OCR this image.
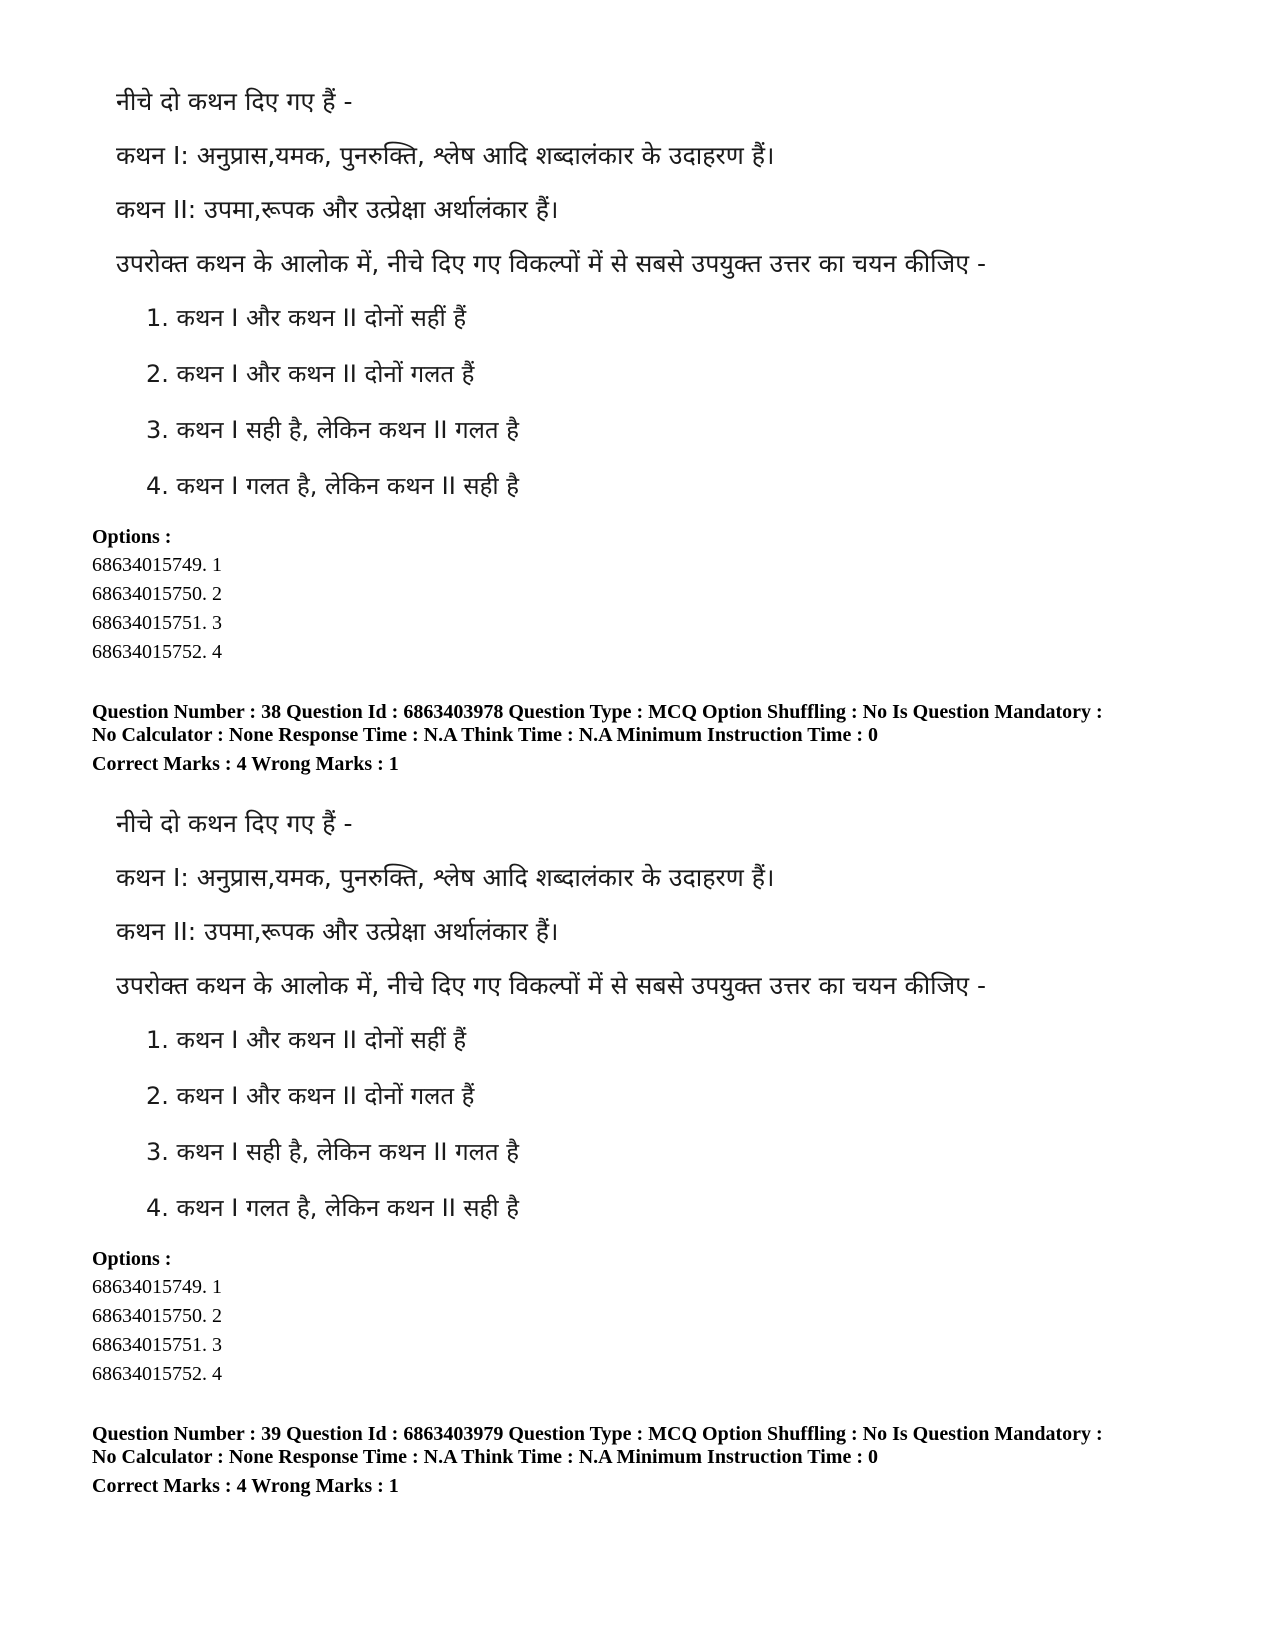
नीचे दो कथन दिए गए हैं -
कथन I: अनुप्रास,यमक, पुनरुक्ति, श्लेष आदि शब्दालंकार के उदाहरण हैं।
कथन II: उपमा,रूपक और उत्प्रेक्षा अर्थालंकार हैं।
उपरोक्त कथन के आलोक में, नीचे दिए गए विकल्पों में से सबसे उपयुक्त उत्तर का चयन कीजिए -
1. कथन I और कथन II दोनों सहीं हैं
2. कथन I और कथन II दोनों गलत हैं
3. कथन I सही है, लेकिन कथन II गलत है
4. कथन I गलत है, लेकिन कथन II सही है
Options :
68634015749. 1
68634015750. 2
68634015751. 3
68634015752. 4
Question Number : 38 Question Id : 6863403978 Question Type : MCQ Option Shuffling : No Is Question Mandatory :
No Calculator : None Response Time : N.A Think Time : N.A Minimum Instruction Time : 0
Correct Marks : 4 Wrong Marks : 1
नीचे दो कथन दिए गए हैं -
कथन I: अनुप्रास,यमक, पुनरुक्ति, श्लेष आदि शब्दालंकार के उदाहरण हैं।
कथन II: उपमा,रूपक और उत्प्रेक्षा अर्थालंकार हैं।
उपरोक्त कथन के आलोक में, नीचे दिए गए विकल्पों में से सबसे उपयुक्त उत्तर का चयन कीजिए -
1. कथन I और कथन II दोनों सहीं हैं
2. कथन I और कथन II दोनों गलत हैं
3. कथन I सही है, लेकिन कथन II गलत है
4. कथन I गलत है, लेकिन कथन II सही है
Options :
68634015749. 1
68634015750. 2
68634015751. 3
68634015752. 4
Question Number : 39 Question Id : 6863403979 Question Type : MCQ Option Shuffling : No Is Question Mandatory :
No Calculator : None Response Time : N.A Think Time : N.A Minimum Instruction Time : 0
Correct Marks : 4 Wrong Marks : 1
